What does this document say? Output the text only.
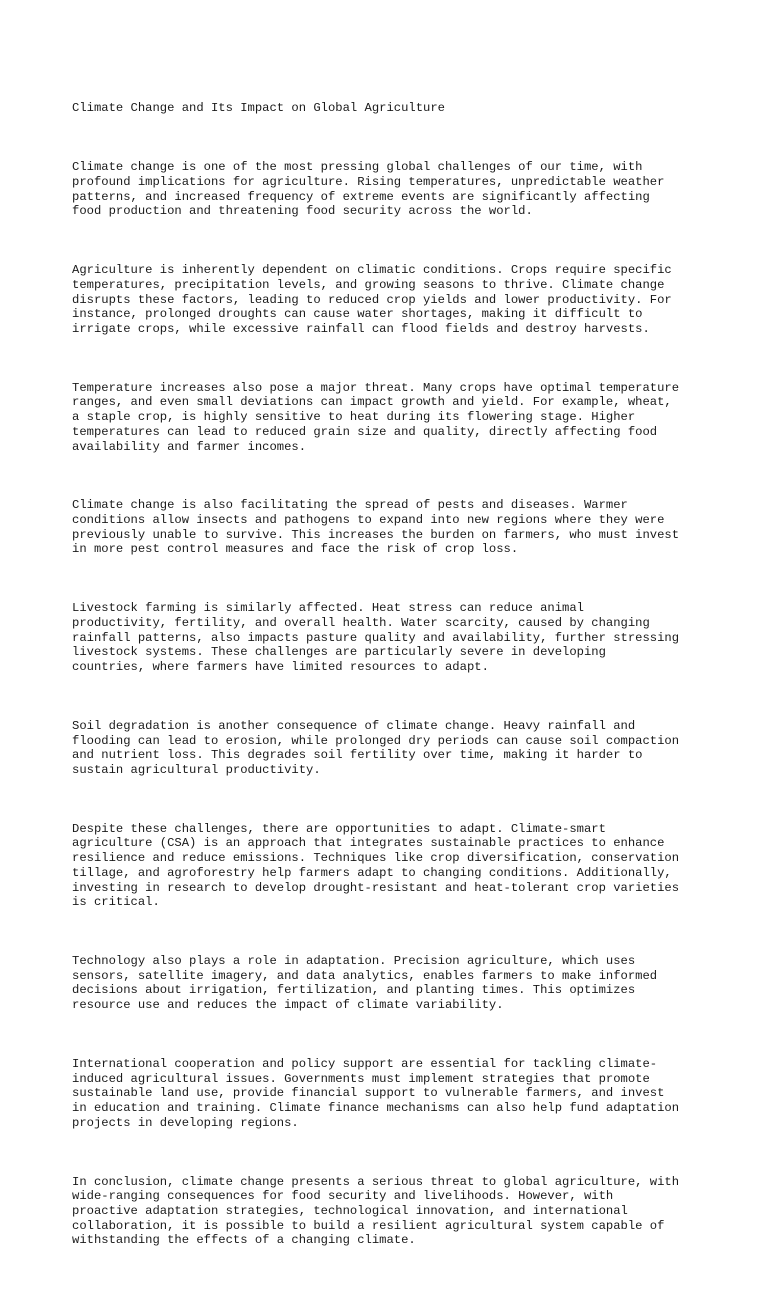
Climate Change and Its Impact on Global Agriculture

Climate change is one of the most pressing global challenges of our time, with
profound implications for agriculture. Rising temperatures, unpredictable weather
patterns, and increased frequency of extreme events are significantly affecting
food production and threatening food security across the world.

Agriculture is inherently dependent on climatic conditions. Crops require specific
temperatures, precipitation levels, and growing seasons to thrive. Climate change
disrupts these factors, leading to reduced crop yields and lower productivity. For
instance, prolonged droughts can cause water shortages, making it difficult to
irrigate crops, while excessive rainfall can flood fields and destroy harvests.

Temperature increases also pose a major threat. Many crops have optimal temperature
ranges, and even small deviations can impact growth and yield. For example, wheat,
a staple crop, is highly sensitive to heat during its flowering stage. Higher
temperatures can lead to reduced grain size and quality, directly affecting food
availability and farmer incomes.

Climate change is also facilitating the spread of pests and diseases. Warmer
conditions allow insects and pathogens to expand into new regions where they were
previously unable to survive. This increases the burden on farmers, who must invest
in more pest control measures and face the risk of crop loss.

Livestock farming is similarly affected. Heat stress can reduce animal
productivity, fertility, and overall health. Water scarcity, caused by changing
rainfall patterns, also impacts pasture quality and availability, further stressing
livestock systems. These challenges are particularly severe in developing
countries, where farmers have limited resources to adapt.

Soil degradation is another consequence of climate change. Heavy rainfall and
flooding can lead to erosion, while prolonged dry periods can cause soil compaction
and nutrient loss. This degrades soil fertility over time, making it harder to
sustain agricultural productivity.

Despite these challenges, there are opportunities to adapt. Climate-smart
agriculture (CSA) is an approach that integrates sustainable practices to enhance
resilience and reduce emissions. Techniques like crop diversification, conservation
tillage, and agroforestry help farmers adapt to changing conditions. Additionally,
investing in research to develop drought-resistant and heat-tolerant crop varieties
is critical.

Technology also plays a role in adaptation. Precision agriculture, which uses
sensors, satellite imagery, and data analytics, enables farmers to make informed
decisions about irrigation, fertilization, and planting times. This optimizes
resource use and reduces the impact of climate variability.

International cooperation and policy support are essential for tackling climate-
induced agricultural issues. Governments must implement strategies that promote
sustainable land use, provide financial support to vulnerable farmers, and invest
in education and training. Climate finance mechanisms can also help fund adaptation
projects in developing regions.

In conclusion, climate change presents a serious threat to global agriculture, with
wide-ranging consequences for food security and livelihoods. However, with
proactive adaptation strategies, technological innovation, and international
collaboration, it is possible to build a resilient agricultural system capable of
withstanding the effects of a changing climate.
